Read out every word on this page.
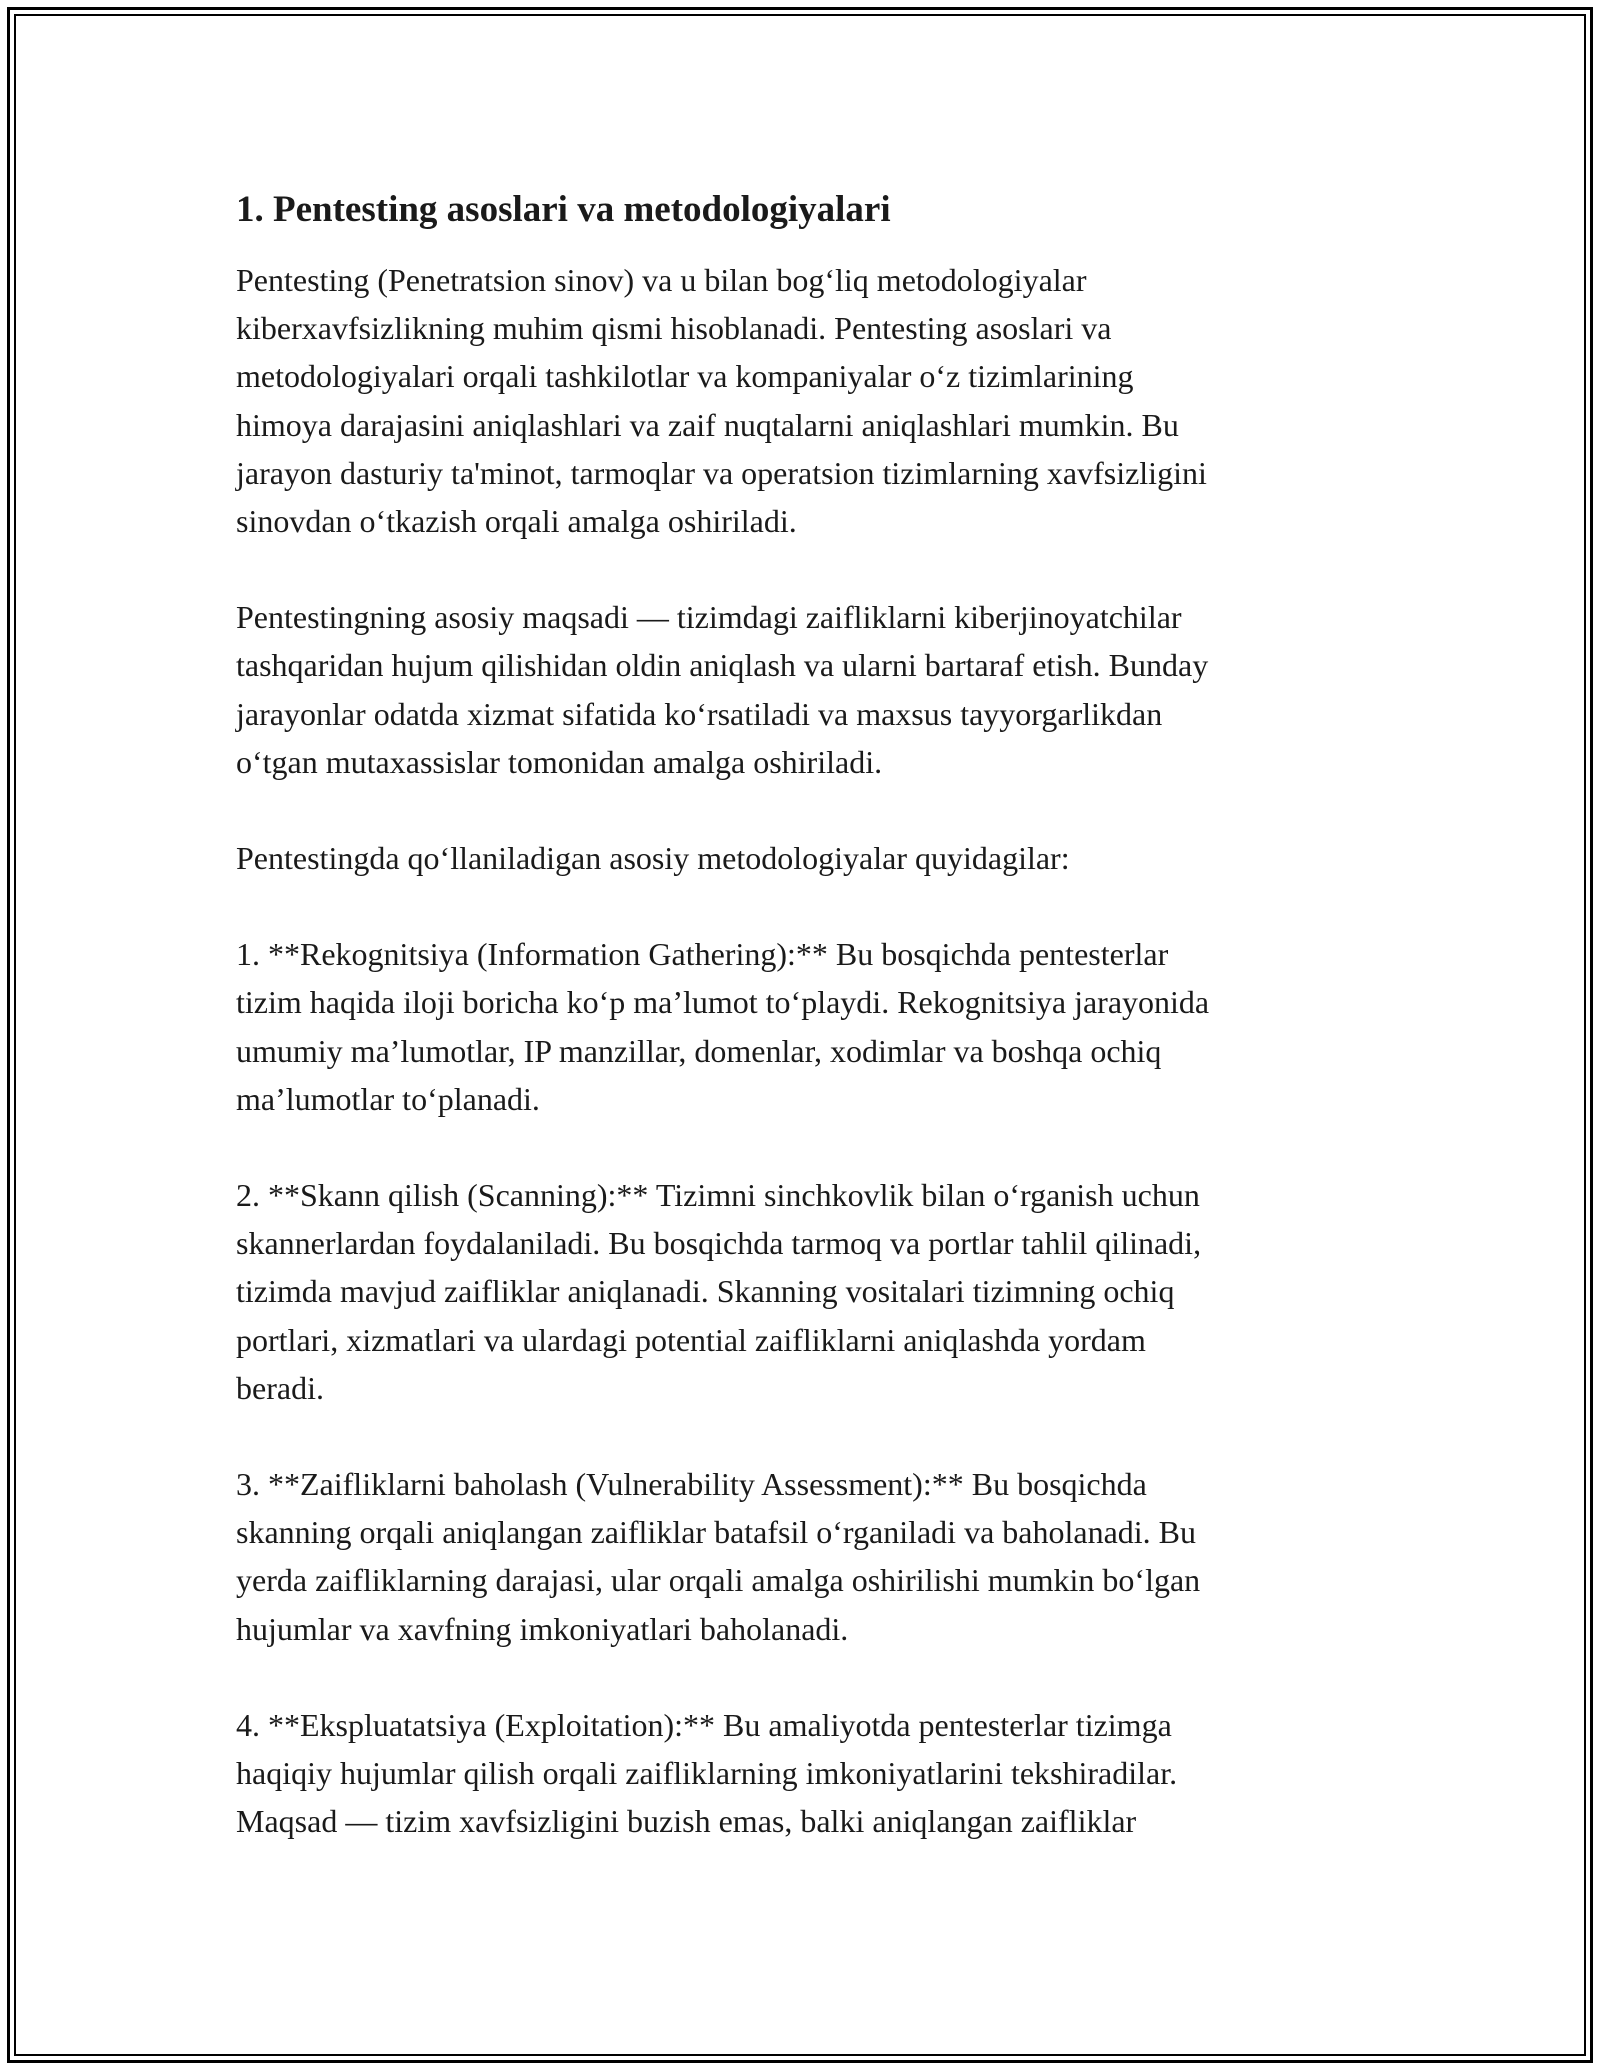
1. Pentesting asoslari va metodologiyalari

Pentesting (Penetratsion sinov) va u bilan bog‘liq metodologiyalar
kiberxavfsizlikning muhim qismi hisoblanadi. Pentesting asoslari va
metodologiyalari orqali tashkilotlar va kompaniyalar o‘z tizimlarining
himoya darajasini aniqlashlari va zaif nuqtalarni aniqlashlari mumkin. Bu
jarayon dasturiy ta'minot, tarmoqlar va operatsion tizimlarning xavfsizligini
sinovdan o‘tkazish orqali amalga oshiriladi.

Pentestingning asosiy maqsadi — tizimdagi zaifliklarni kiberjinoyatchilar
tashqaridan hujum qilishidan oldin aniqlash va ularni bartaraf etish. Bunday
jarayonlar odatda xizmat sifatida ko‘rsatiladi va maxsus tayyorgarlikdan
o‘tgan mutaxassislar tomonidan amalga oshiriladi.

Pentestingda qo‘llaniladigan asosiy metodologiyalar quyidagilar:

1. **Rekognitsiya (Information Gathering):** Bu bosqichda pentesterlar
tizim haqida iloji boricha ko‘p ma’lumot to‘playdi. Rekognitsiya jarayonida
umumiy ma’lumotlar, IP manzillar, domenlar, xodimlar va boshqa ochiq
ma’lumotlar to‘planadi.

2. **Skann qilish (Scanning):** Tizimni sinchkovlik bilan o‘rganish uchun
skannerlardan foydalaniladi. Bu bosqichda tarmoq va portlar tahlil qilinadi,
tizimda mavjud zaifliklar aniqlanadi. Skanning vositalari tizimning ochiq
portlari, xizmatlari va ulardagi potential zaifliklarni aniqlashda yordam
beradi.

3. **Zaifliklarni baholash (Vulnerability Assessment):** Bu bosqichda
skanning orqali aniqlangan zaifliklar batafsil o‘rganiladi va baholanadi. Bu
yerda zaifliklarning darajasi, ular orqali amalga oshirilishi mumkin bo‘lgan
hujumlar va xavfning imkoniyatlari baholanadi.

4. **Ekspluatatsiya (Exploitation):** Bu amaliyotda pentesterlar tizimga
haqiqiy hujumlar qilish orqali zaifliklarning imkoniyatlarini tekshiradilar.
Maqsad — tizim xavfsizligini buzish emas, balki aniqlangan zaifliklar
